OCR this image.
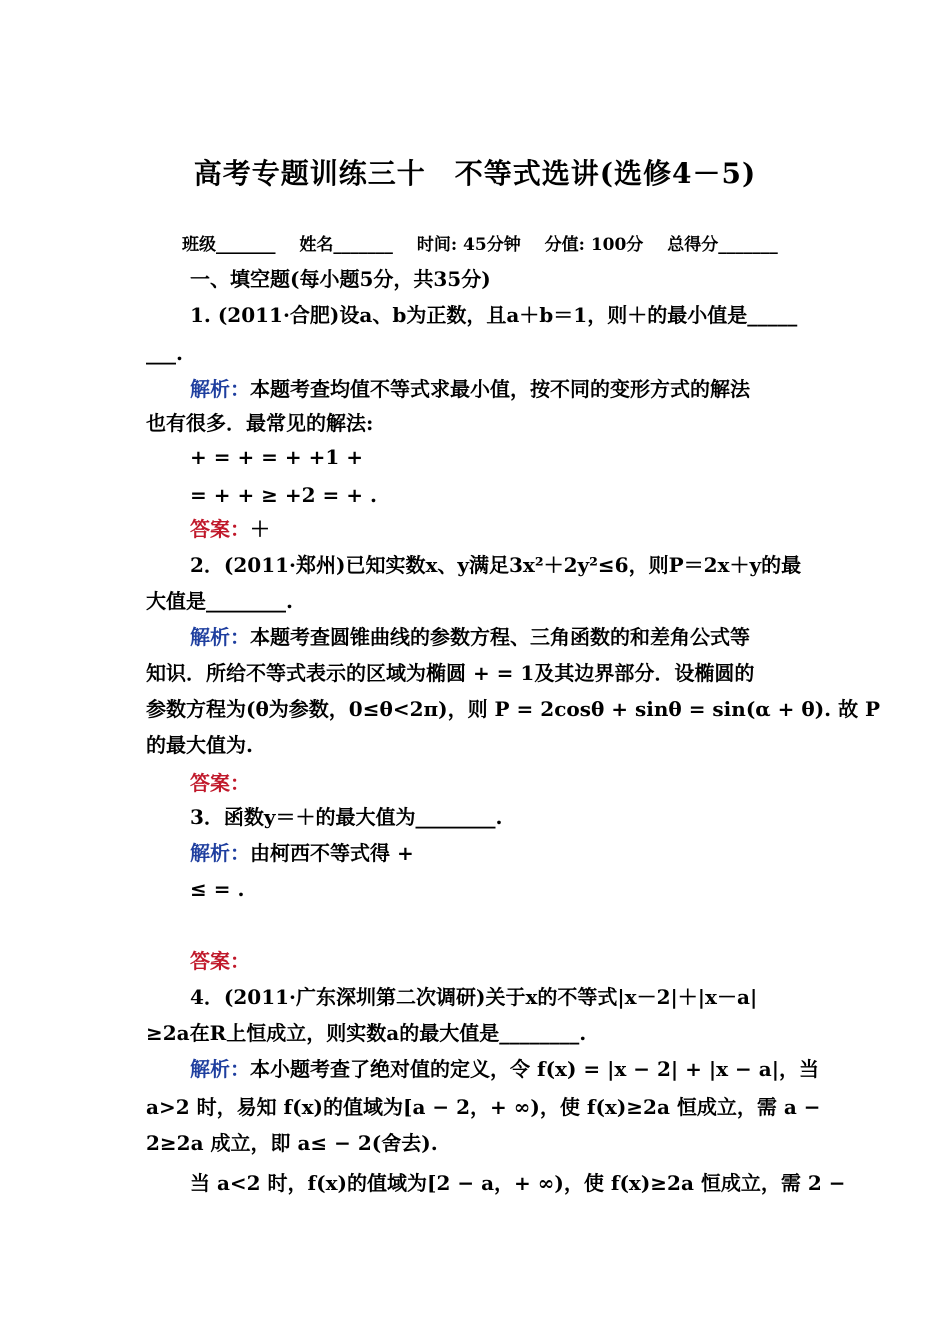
高考专题训练三十　不等式选讲(选修4－5)
班级_______ 姓名_______ 时间: 45分钟 分值: 100分 总得分_______
一、填空题(每小题5分，共35分)
1. (2011·合肥)设a、b为正数，且a＋b＝1，则＋的最小值是_____
___.
解析：本题考查均值不等式求最小值，按不同的变形方式的解法
也有很多．最常见的解法:
+ = + = + +1 +
= + + ≥ +2 = + .
答案：＋
2．(2011·郑州)已知实数x、y满足3x²＋2y²≤6，则P＝2x＋y的最
大值是________.
解析：本题考查圆锥曲线的参数方程、三角函数的和差角公式等
知识．所给不等式表示的区域为椭圆 + = 1及其边界部分．设椭圆的
参数方程为(θ为参数，0≤θ<2π)，则 P = 2cosθ + sinθ = sin(α + θ). 故 P
的最大值为.
答案：
3．函数y＝＋的最大值为________.
解析：由柯西不等式得 +
≤ = .
答案：
4．(2011·广东深圳第二次调研)关于x的不等式|x－2|＋|x－a|
≥2a在R上恒成立，则实数a的最大值是________.
解析：本小题考查了绝对值的定义，令 f(x) = |x − 2| + |x − a|，当
a>2 时，易知 f(x)的值域为[a − 2，+ ∞)，使 f(x)≥2a 恒成立，需 a −
2≥2a 成立，即 a≤ − 2(舍去).
当 a<2 时，f(x)的值域为[2 − a，+ ∞)，使 f(x)≥2a 恒成立，需 2 −
